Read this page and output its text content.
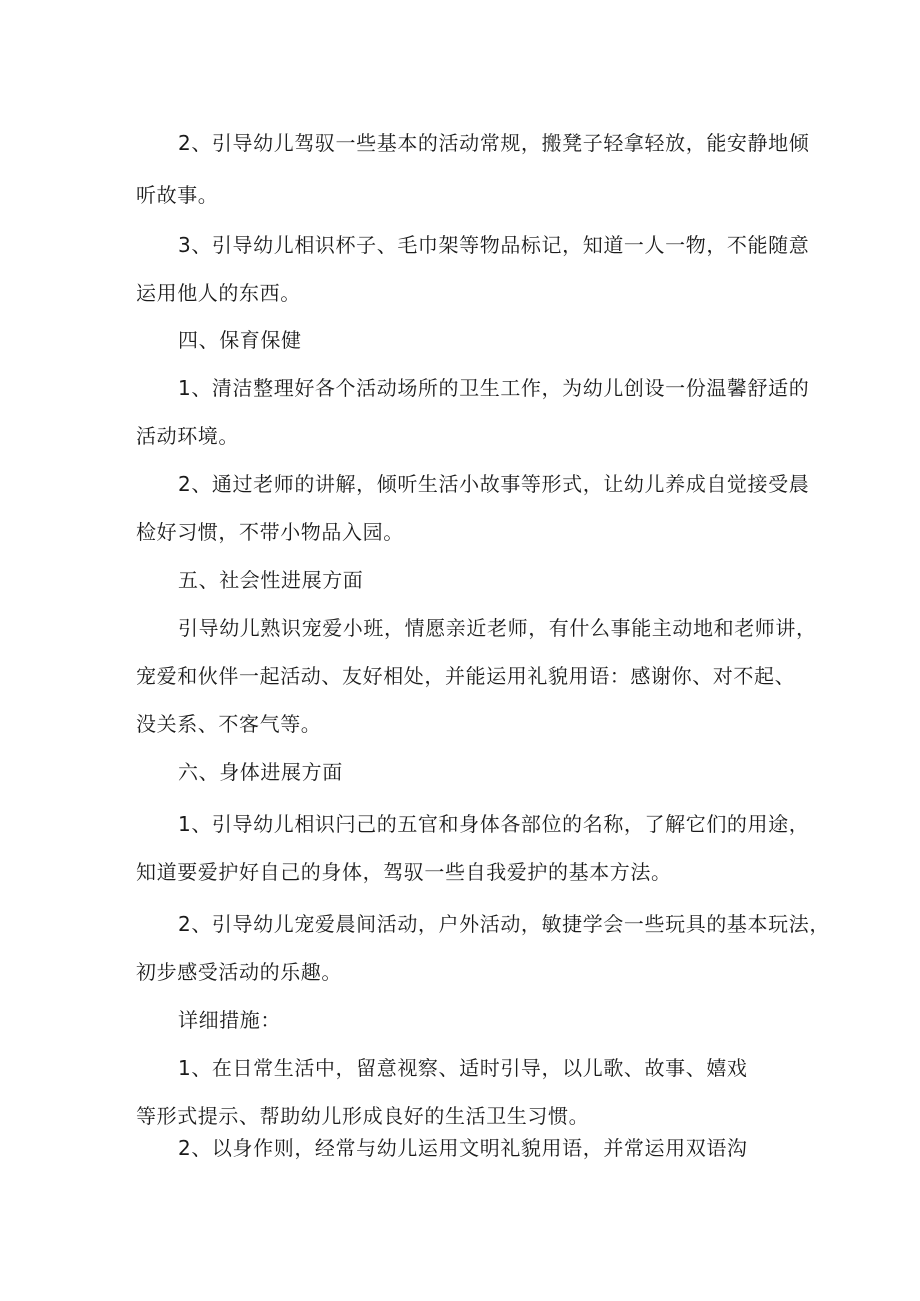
2、引导幼儿驾驭一些基本的活动常规，搬凳子轻拿轻放，能安静地倾

听故事。

3、引导幼儿相识杯子、毛巾架等物品标记，知道一人一物，不能随意

运用他人的东西。

四、保育保健

1、清洁整理好各个活动场所的卫生工作，为幼儿创设一份温馨舒适的

活动环境。

2、通过老师的讲解，倾听生活小故事等形式，让幼儿养成自觉接受晨

检好习惯，不带小物品入园。

五、社会性进展方面

引导幼儿熟识宠爱小班，情愿亲近老师，有什么事能主动地和老师讲，

宠爱和伙伴一起活动、友好相处，并能运用礼貌用语：感谢你、对不起、

没关系、不客气等。

六、身体进展方面

1、引导幼儿相识闩己的五官和身体各部位的名称，了解它们的用途，

知道要爱护好自己的身体，驾驭一些自我爱护的基本方法。

2、引导幼儿宠爱晨间活动，户外活动，敏捷学会一些玩具的基本玩法，

初步感受活动的乐趣。

详细措施：

1、在日常生活中，留意视察、适时引导，以儿歌、故事、嬉戏

等形式提示、帮助幼儿形成良好的生活卫生习惯。

2、以身作则，经常与幼儿运用文明礼貌用语，并常运用双语沟
